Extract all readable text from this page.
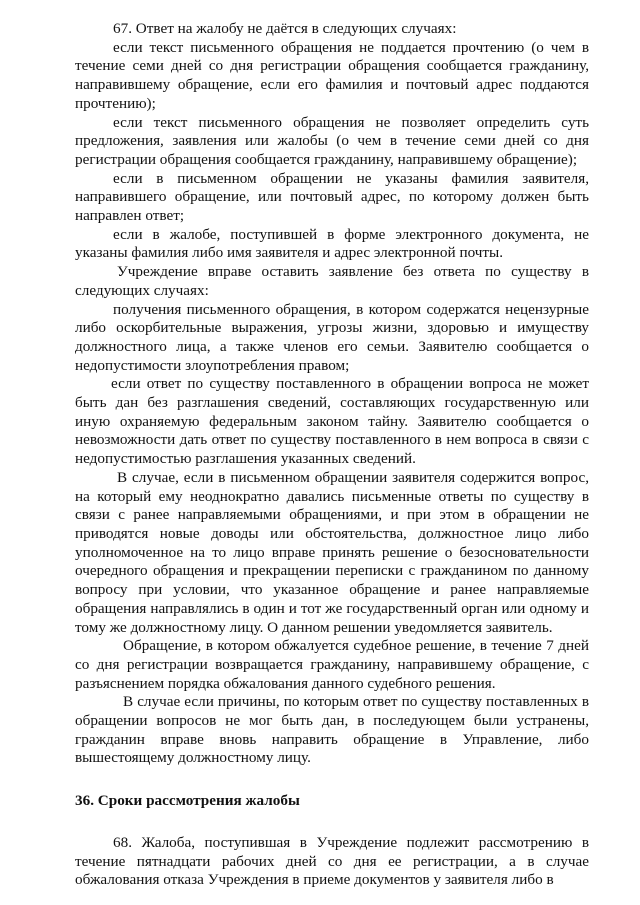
67. Ответ на жалобу не даётся в следующих случаях:

если текст письменного обращения не поддается прочтению (о чем в течение семи дней со дня регистрации обращения сообщается гражданину, направившему обращение, если его фамилия и почтовый адрес поддаются прочтению);

если текст письменного обращения не позволяет определить суть предложения, заявления или жалобы (о чем в течение семи дней со дня регистрации обращения сообщается гражданину, направившему обращение);

если в письменном обращении не указаны фамилия заявителя, направившего обращение, или почтовый адрес, по которому должен быть направлен ответ;

если в жалобе, поступившей в форме электронного документа, не указаны фамилия либо имя заявителя и адрес электронной почты.

Учреждение вправе оставить заявление без ответа по существу в следующих случаях:

получения письменного обращения, в котором содержатся нецензурные либо оскорбительные выражения, угрозы жизни, здоровью и имуществу должностного лица, а также членов его семьи. Заявителю сообщается о недопустимости злоупотребления правом;

если ответ по существу поставленного в обращении вопроса не может быть дан без разглашения сведений, составляющих государственную или иную охраняемую федеральным законом тайну. Заявителю сообщается о невозможности дать ответ по существу поставленного в нем вопроса в связи с недопустимостью разглашения указанных сведений.

В случае, если в письменном обращении заявителя содержится вопрос, на который ему неоднократно давались письменные ответы по существу в связи с ранее направляемыми обращениями, и при этом в обращении не приводятся новые доводы или обстоятельства, должностное лицо либо уполномоченное на то лицо вправе принять решение о безосновательности очередного обращения и прекращении переписки с гражданином по данному вопросу при условии, что указанное обращение и ранее направляемые обращения направлялись в один и тот же государственный орган или одному и тому же должностному лицу. О данном решении уведомляется заявитель.

Обращение, в котором обжалуется судебное решение, в течение 7 дней со дня регистрации возвращается гражданину, направившему обращение, с разъяснением порядка обжалования данного судебного решения.

В случае если причины, по которым ответ по существу поставленных в обращении вопросов не мог быть дан, в последующем были устранены, гражданин вправе вновь направить обращение в Управление, либо вышестоящему должностному лицу.

36. Сроки рассмотрения жалобы

68. Жалоба, поступившая в Учреждение подлежит рассмотрению в течение пятнадцати рабочих дней со дня ее регистрации, а в случае обжалования отказа Учреждения в приеме документов у заявителя либо в
